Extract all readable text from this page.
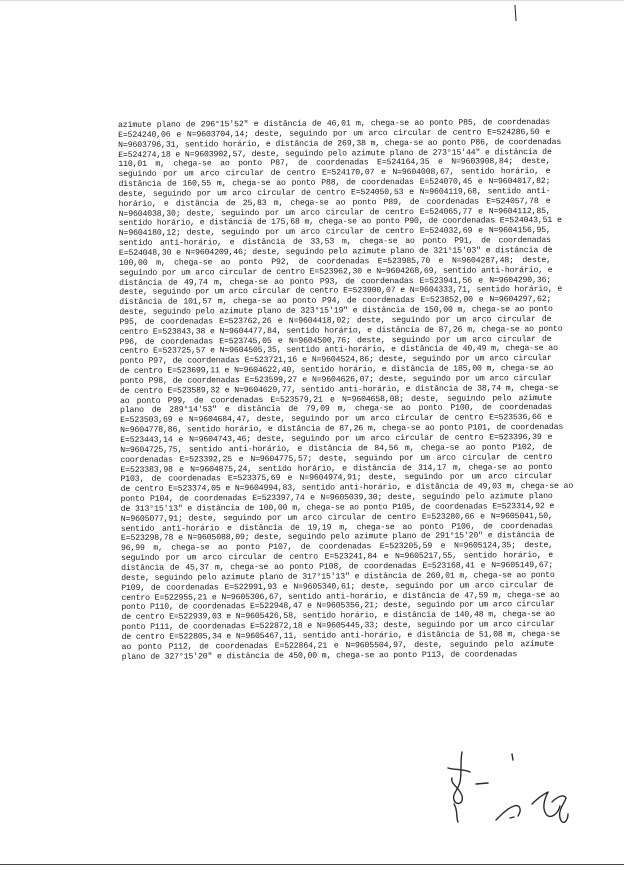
azimute plano de 296°15'52" e distância de 46,01 m, chega-se ao ponto P85, de coordenadas
E=524240,06 e N=9603704,14; deste, seguindo por um arco circular de centro E=524286,50 e
N=9603796,31, sentido horário, e distância de 269,38 m, chega-se ao ponto P86, de coordenadas
E=524274,18 e N=9603902,57, deste, seguindo pelo azimute plano de 273°15'44" e distância de
110,01 m, chega-se ao ponto P87, de coordenadas E=524164,35 e N=9603908,84; deste,
seguindo por um arco circular de centro E=524170,07 e N=9604008,67, sentido horário, e
distância de 160,55 m, chega-se ao ponto P88, de coordenadas E=524070,45 e N=9604017,82;
deste, seguindo por um arco circular de centro E=524050,53 e N=9604119,68, sentido anti-
horário, e distância de 25,83 m, chega-se ao ponto P89, de coordenadas E=524057,78 e
N=9604038,30; deste, seguindo por um arco circular de centro E=524065,77 e N=9604112,85,
sentido horário, e distância de 175,68 m, chega-se ao ponto P90, de coordenadas E=524043,51 e
N=9604180,12; deste, seguindo por um arco circular de centro E=524032,69 e N=9604156,95,
sentido anti-horário, e distância de 33,53 m, chega-se ao ponto P91, de coordenadas
E=524048,30 e N=9604209,46; deste, seguindo pelo azimute plano de 321°15'03" e distância de
100,00 m, chega-se ao ponto P92, de coordenadas E=523985,70 e N=9604287,48; deste,
seguindo por um arco circular de centro E=523962,30 e N=9604268,69, sentido anti-horário, e
distância de 49,74 m, chega-se ao ponto P93, de coordenadas E=523941,56 e N=9604290,36;
deste, seguindo por um arco circular de centro E=523900,07 e N=9604333,71, sentido horário, e
distância de 101,57 m, chega-se ao ponto P94, de coordenadas E=523852,00 e N=9604297,62;
deste, seguindo pelo azimute plano de 323°15'19" e distância de 150,00 m, chega-se ao ponto
P95, de coordenadas E=523762,26 e N=9604418,02; deste, seguindo por um arco circular de
centro E=523843,38 e N=9604477,84, sentido horário, e distância de 87,26 m, chega-se ao ponto
P96, de coordenadas E=523745,05 e N=9604500,76; deste, seguindo por um arco circular de
centro E=523725,57 e N=9604505,35, sentido anti-horário, e distância de 40,49 m, chega-se ao
ponto P97, de coordenadas E=523721,16 e N=9604524,86; deste, seguindo por um arco circular
de centro E=523699,11 e N=9604622,40, sentido horário, e distância de 185,00 m, chega-se ao
ponto P98, de coordenadas E=523599,27 e N=9604626,07; deste, seguindo por um arco circular
de centro E=523589,32 e N=9604629,77, sentido anti-horário, e distância de 38,74 m, chega-se
ao ponto P99, de coordenadas E=523579,21 e N=9604658,08; deste, seguindo pelo azimute
plano de 289°14'53" e distância de 79,09 m, chega-se ao ponto P100, de coordenadas
E=523503,69 e N=9604684,47, deste, seguindo por um arco circular de centro E=523536,66 e
N=9604778,86, sentido horário, e distância de 87,26 m, chega-se ao ponto P101, de coordenadas
E=523443,14 e N=9604743,46; deste, seguindo por um arco circular de centro E=523396,39 e
N=9604725,75, sentido anti-horário, e distância de 84,56 m, chega-se ao ponto P102, de
coordenadas E=523392,25 e N=9604775,57; deste, seguindo por um arco circular de centro
E=523383,98 e N=9604875,24, sentido horário, e distância de 314,17 m, chega-se ao ponto
P103, de coordenadas E=523375,69 e N=9604974,91; deste, seguindo por um arco circular
de centro E=523374,05 e N=9604994,83, sentido anti-horário, e distância de 49,03 m, chega-se ao
ponto P104, de coordenadas E=523397,74 e N=9605039,30; deste, seguindo pelo azimute plano
de 313°15'13" e distância de 100,00 m, chega-se ao ponto P105, de coordenadas E=523314,92 e
N=9605077,91; deste, seguindo por um arco circular de centro E=523280,66 e N=9605041,50,
sentido anti-horário e distância de 19,19 m, chega-se ao ponto P106, de coordenadas
E=523298,78 e N=9605088,09; deste, seguindo pelo azimute plano de 291°15'20" e distância de
96,99 m, chega-se ao ponto P107, de coordenadas E=523205,59 e N=9605124,35; deste,
seguindo por um arco circular de centro E=523241,84 e N=9605217,55, sentido horário, e
distância de 45,37 m, chega-se ao ponto P108, de coordenadas E=523168,41 e N=9605149,67;
deste, seguindo pelo azimute plano de 317°15'13" e distância de 260,01 m, chega-se ao ponto
P109, de coordenadas E=522991,93 e N=9605340,61; deste, seguindo por um arco circular de
centro E=522955,21 e N=9605306,67, sentido anti-horário, e distância de 47,59 m, chega-se ao
ponto P110, de coordenadas E=522948,47 e N=9605356,21; deste, seguindo por um arco circular
de centro E=522939,03 e N=9605426,58, sentido horário, e distância de 140,48 m, chega-se ao
ponto P111, de coordenadas E=522872,18 e N=9605445,33; deste, seguindo por um arco circular
de centro E=522805,34 e N=9605467,11, sentido anti-horário, e distância de 51,08 m, chega-se
ao ponto P112, de coordenadas E=522864,21 e N=9605504,97, deste, seguindo pelo azimute
plano de 327°15'20" e distância de 450,00 m, chega-se ao ponto P113, de coordenadas
